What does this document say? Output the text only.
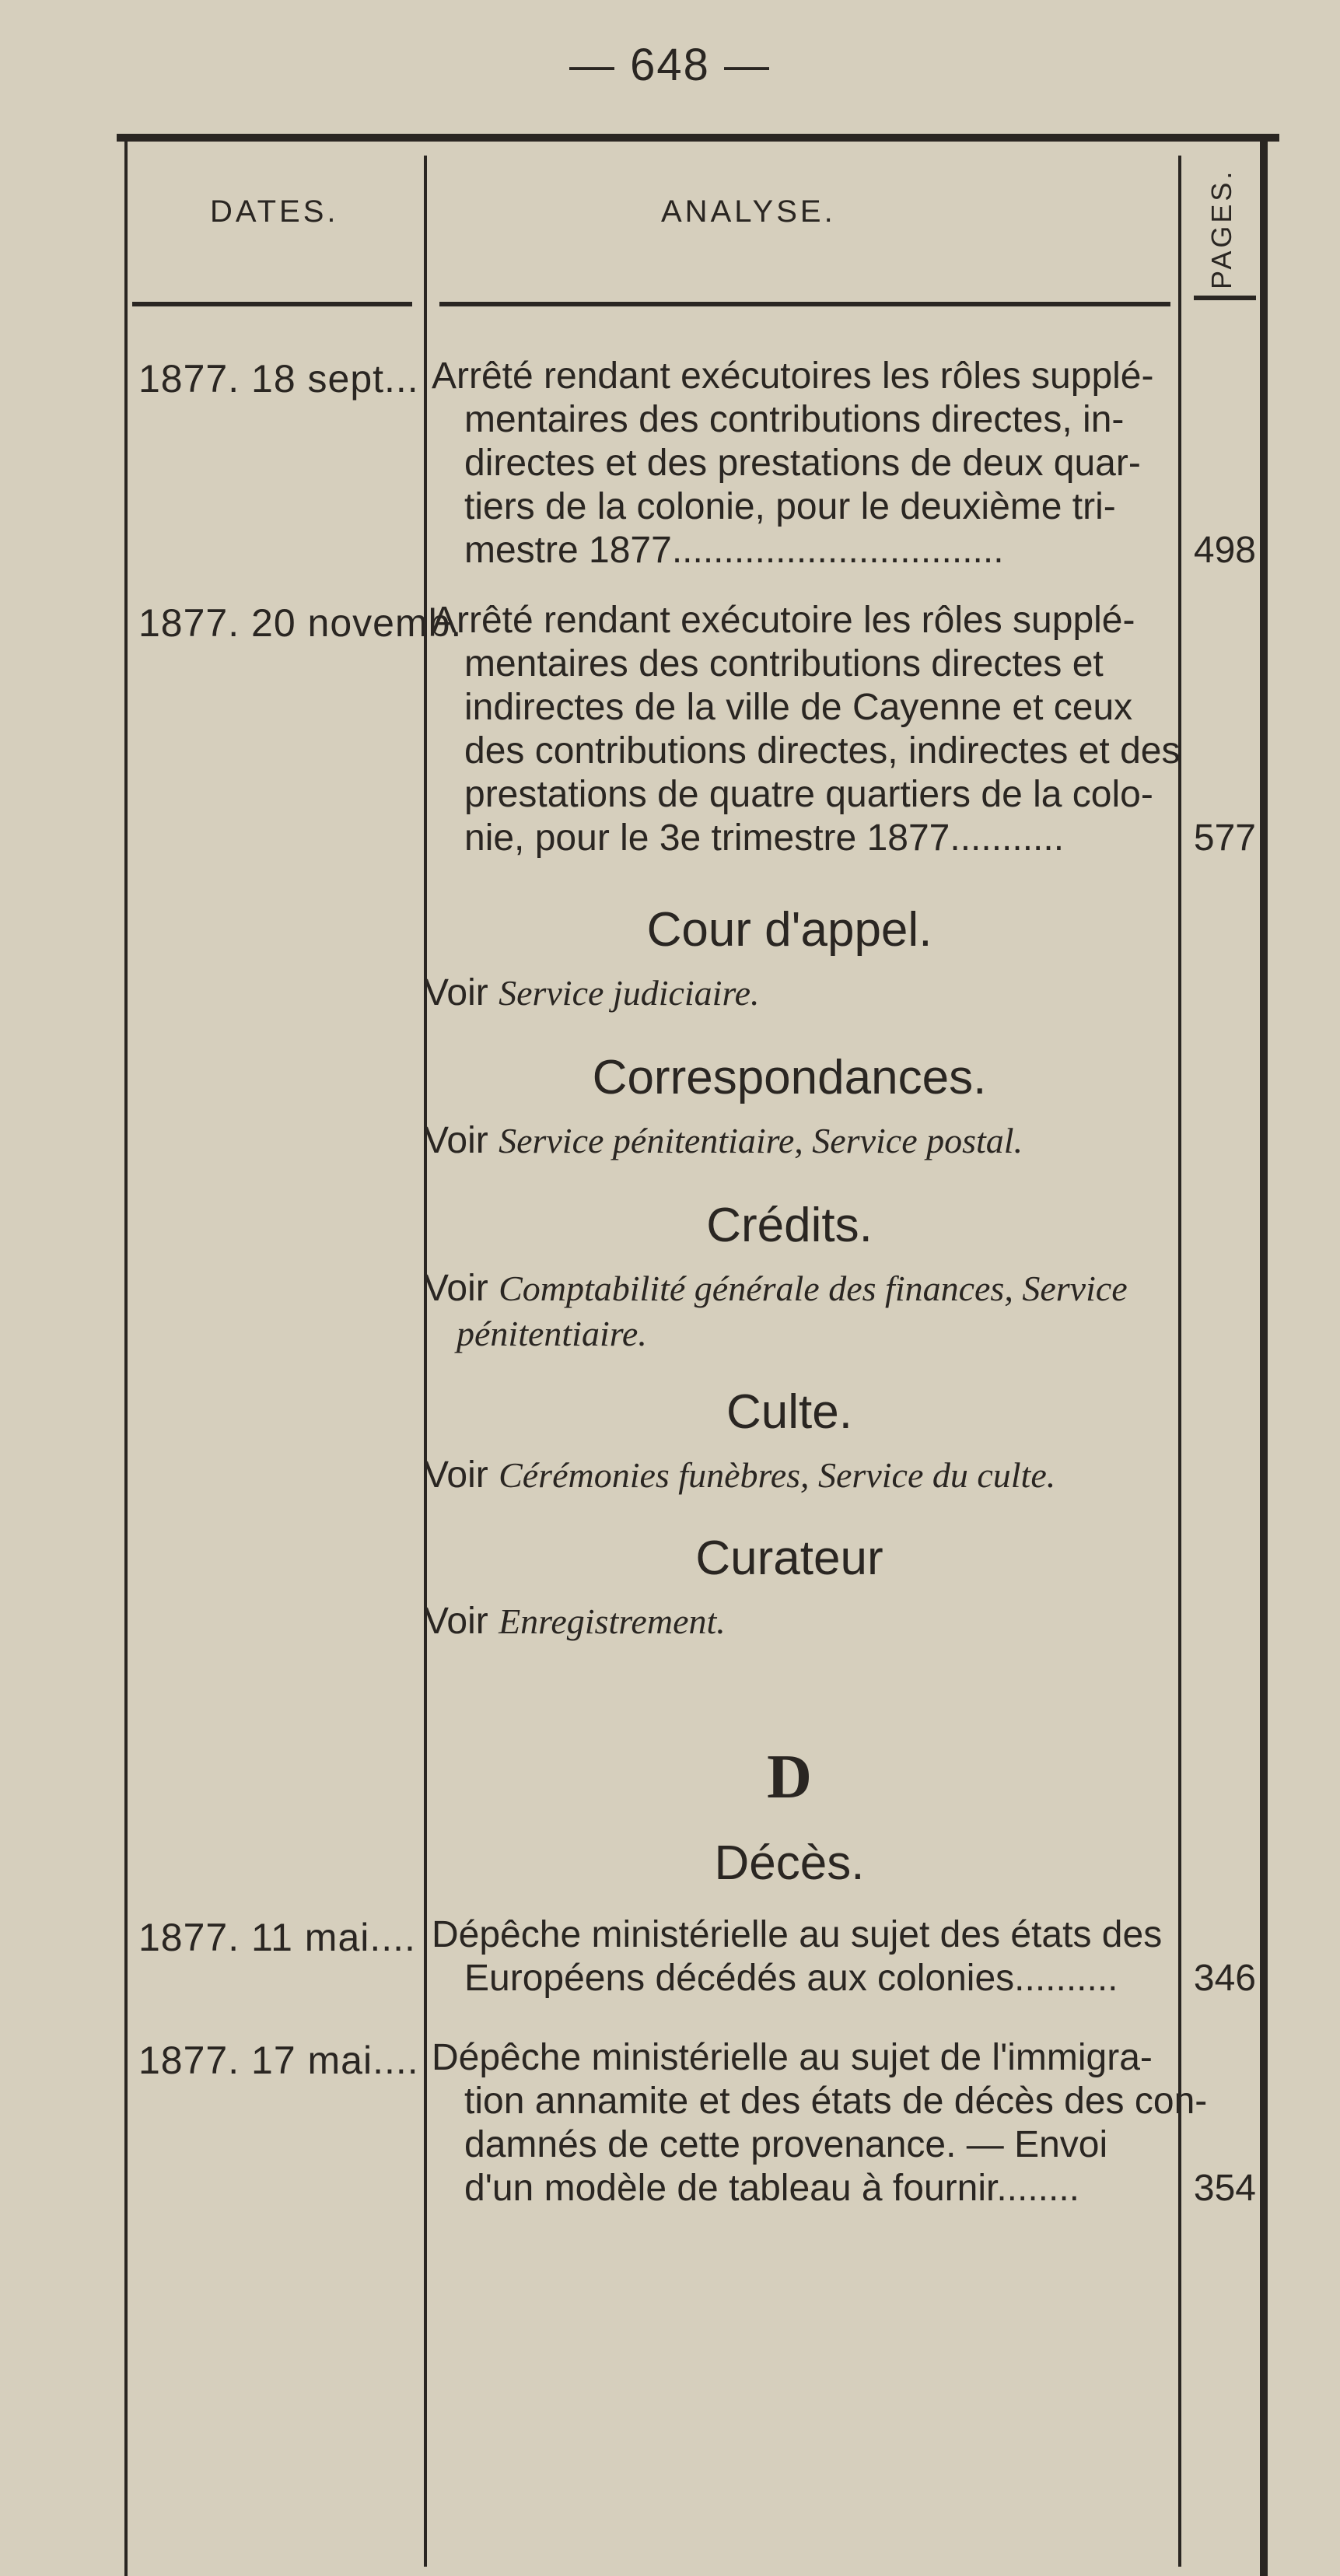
— 648 —
DATES.	ANALYSE.	PAGES.
1877. 18 sept... Arrêté rendant exécutoires les rôles supplé-
mentaires des contributions directes, in-
directes et des prestations de deux quar-
tiers de la colonie, pour le deuxième tri-
mestre 1877................................	498
1877. 20 novemb.
Arrêté rendant exécutoire les rôles supplé-
mentaires des contributions directes et
indirectes de la ville de Cayenne et ceux
des contributions directes, indirectes et des
prestations de quatre quartiers de la colo-
nie, pour le 3e trimestre 1877...........	577
Cour d'appel.
Voir Service judiciaire.
Correspondances.
Voir Service pénitentiaire, Service postal.
Crédits.
Voir Comptabilité générale des finances, Service
pénitentiaire.
Culte.
Voir Cérémonies funèbres, Service du culte.
Curateur
Voir Enregistrement.
D
Décès.
1877. 11 mai.... Dépêche ministérielle au sujet des états des
Européens décédés aux colonies..........	346
1877. 17 mai.... Dépêche ministérielle au sujet de l'immigra-
tion annamite et des états de décès des con-
damnés de cette provenance. — Envoi
d'un modèle de tableau à fournir........	354
